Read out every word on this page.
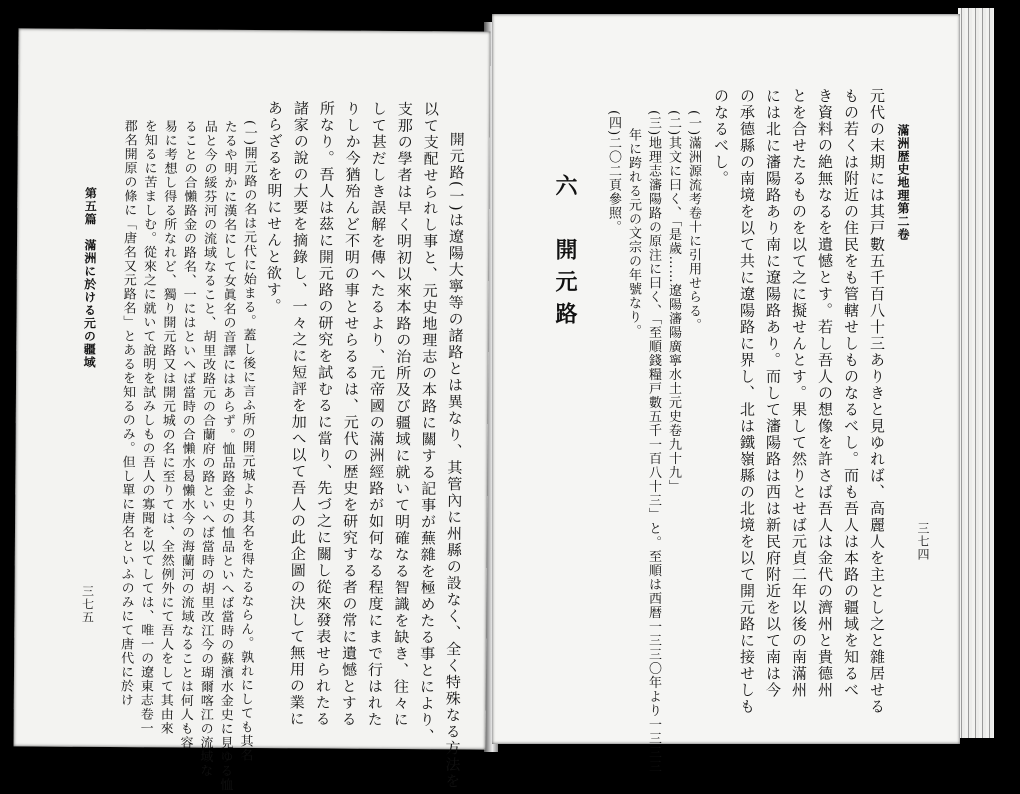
三七四
滿洲歴史地理第二卷
元代の末期には其戸數五千百八十三ありきと見ゆれば、高麗人を主とし之と雜居せる
もの若くは附近の住民をも管轄せしものなるべし。而も吾人は本路の疆域を知るべ
き資料の絶無なるを遺憾とす。若し吾人の想像を許さば吾人は金代の濟州と貴德州
とを合せたるものを以て之に擬せんとす。果して然りとせば元貞二年以後の南滿州
には北に瀋陽路あり南に遼陽路あり。而して瀋陽路は西は新民府附近を以て南は今
の承德縣の南境を以て共に遼陽路に界し、北は鐵嶺縣の北境を以て開元路に接せしも
のなるべし。
(一)滿洲源流考卷十に引用せらる。
(二)其文に曰く、「是歲……遼陽瀋陽廣寧水土元史卷九十九」
(三)地理志瀋陽路の原注に曰く、「至順錢糧戸數五千一百八十三」と。至順は西暦一三三〇年より一三三三
年に跨れる元の文宗の年號なり。
(四)二〇二頁參照。
六　開元路
開元路(一)は遼陽大寧等の諸路とは異なり、其管內に州縣の設なく、全く特殊なる方法を
以て支配せられし事と、元史地理志の本路に關する記事が蕪雜を極めたる事とにより、
支那の學者は早く明初以來本路の治所及び疆域に就いて明確なる智識を缺き、往々に
して甚だしき誤解を傳へたるより、元帝國の滿洲經路が如何なる程度にまで行はれた
りしか今猶殆んど不明の事とせらるるは、元代の歴史を研究する者の常に遺憾とする
所なり。吾人は茲に開元路の研究を試むるに當り、先づ之に關し從來發表せられたる
諸家の說の大要を摘錄し、一々之に短評を加へ以て吾人の此企圖の決して無用の業に
あらざるを明にせんと欲す。
(一)開元路の名は元代に始まる。蓋し後に言ふ所の開元城より其名を得たるならん。孰れにしても其名
たるや明かに漢名にして女眞名の音譯にはあらず。恤品路金史の恤品といへば當時の蘇濱水金史に見ゆる恤
品と今の綏芬河の流域なること、胡里改路元の合蘭府の路といへば當時の胡里改江今の瑚爾喀江の流域な
ることの合懶路金の路名、一にはといへば當時の合懶水曷懶水今の海蘭河の流域なることは何人も容
易に考想し得る所なれど、獨り開元路又は開元城の名に至りては、全然例外にて吾人をして其由來
を知るに苦ましむ。從來之に就いて說明を試みしもの吾人の寡聞を以てしては、唯一の遼東志卷一
郡名開原の條に「唐名又元路名」とあるを知るのみ。但し單に唐名といふのみにて唐代に於け
第五篇　滿洲に於ける元の疆域
三七五
